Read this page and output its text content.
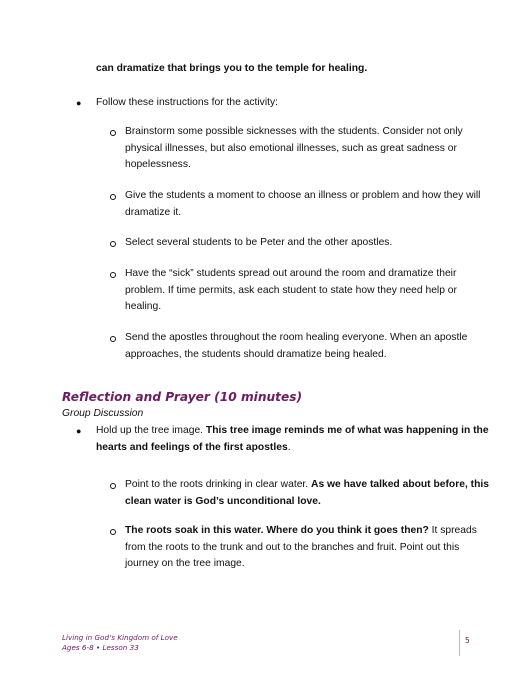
can dramatize that brings you to the temple for healing.

● Follow these instructions for the activity:

Brainstorm some possible sicknesses with the students. Consider not only

physical illnesses, but also emotional illnesses, such as great sadness or

hopelessness.

Give the students a moment to choose an illness or problem and how they will

dramatize it.

Select several students to be Peter and the other apostles.

Have the “sick” students spread out around the room and dramatize their

problem. If time permits, ask each student to state how they need help or

healing.

Send the apostles throughout the room healing everyone. When an apostle

approaches, the students should dramatize being healed.

Reflection and Prayer (10 minutes)

Group Discussion

● Hold up the tree image. This tree image reminds me of what was happening in the

hearts and feelings of the first apostles.

Point to the roots drinking in clear water. As we have talked about before, this

clean water is God’s unconditional love.

The roots soak in this water. Where do you think it goes then? It spreads

from the roots to the trunk and out to the branches and fruit. Point out this

journey on the tree image.

Living in God’s Kingdom of Love
Ages 6-8 • Lesson 33
5
